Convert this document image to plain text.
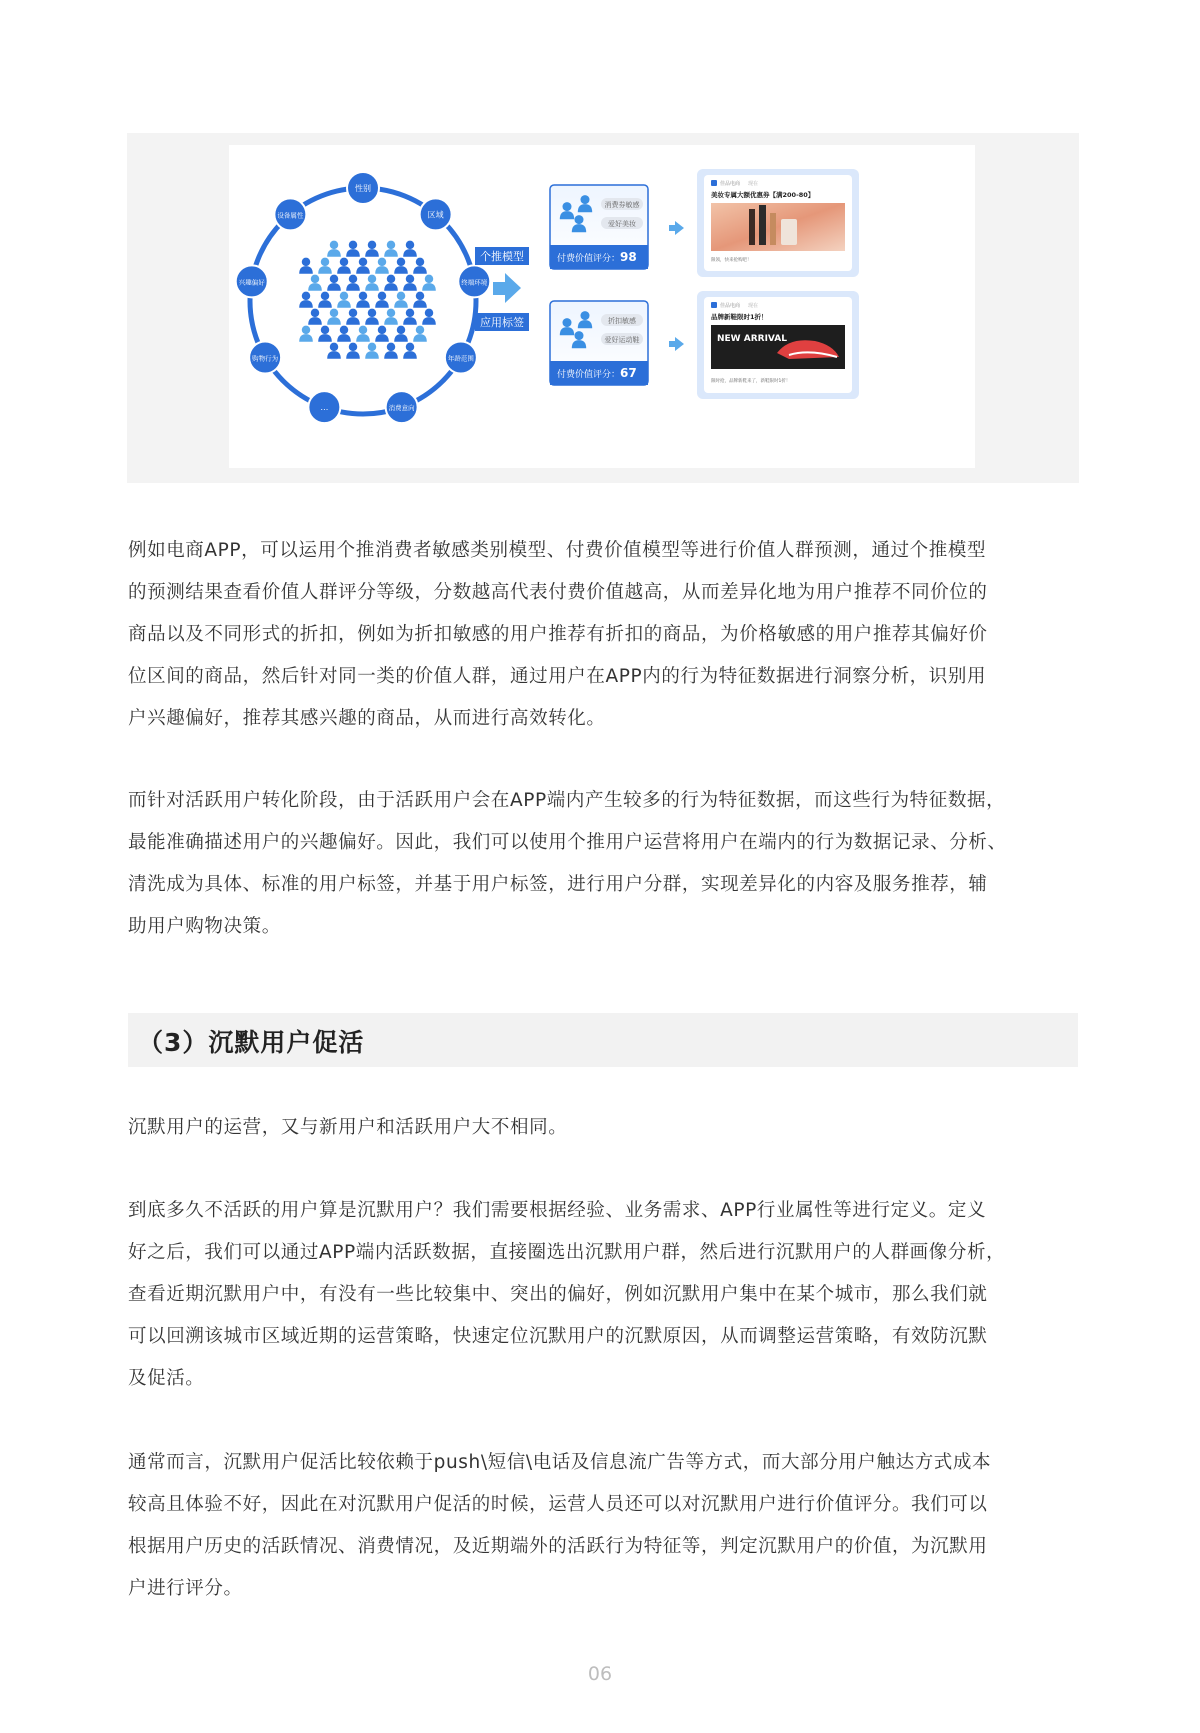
性别
区域
年龄范围
消费意向
购物行为
…
兴趣偏好
设备属性
终端环境
个推模型
应用标签
消费券敏感
爱好美妆
付费价值评分：98
折扣敏感
爱好运动鞋
付费价值评分：67
佳品电商 现在
美妆专属大额优惠券【满200-80】
限领，快来抢购吧！
佳品电商 现在
品牌新鞋限时1折！
NEW ARRIVAL
限时抢，品牌新鞋来了，新鞋限时1折！
例如电商APP，可以运用个推消费者敏感类别模型、付费价值模型等进行价值人群预测，通过个推模型
的预测结果查看价值人群评分等级，分数越高代表付费价值越高，从而差异化地为用户推荐不同价位的
商品以及不同形式的折扣，例如为折扣敏感的用户推荐有折扣的商品，为价格敏感的用户推荐其偏好价
位区间的商品，然后针对同一类的价值人群，通过用户在APP内的行为特征数据进行洞察分析，识别用
户兴趣偏好，推荐其感兴趣的商品，从而进行高效转化。
而针对活跃用户转化阶段，由于活跃用户会在APP端内产生较多的行为特征数据，而这些行为特征数据，
最能准确描述用户的兴趣偏好。因此，我们可以使用个推用户运营将用户在端内的行为数据记录、分析、
清洗成为具体、标准的用户标签，并基于用户标签，进行用户分群，实现差异化的内容及服务推荐，辅
助用户购物决策。
（3）沉默用户促活
沉默用户的运营，又与新用户和活跃用户大不相同。
到底多久不活跃的用户算是沉默用户？我们需要根据经验、业务需求、APP行业属性等进行定义。定义
好之后，我们可以通过APP端内活跃数据，直接圈选出沉默用户群，然后进行沉默用户的人群画像分析，
查看近期沉默用户中，有没有一些比较集中、突出的偏好，例如沉默用户集中在某个城市，那么我们就
可以回溯该城市区域近期的运营策略，快速定位沉默用户的沉默原因，从而调整运营策略，有效防沉默
及促活。
通常而言，沉默用户促活比较依赖于push\短信\电话及信息流广告等方式，而大部分用户触达方式成本
较高且体验不好，因此在对沉默用户促活的时候，运营人员还可以对沉默用户进行价值评分。我们可以
根据用户历史的活跃情况、消费情况，及近期端外的活跃行为特征等，判定沉默用户的价值，为沉默用
户进行评分。
06
